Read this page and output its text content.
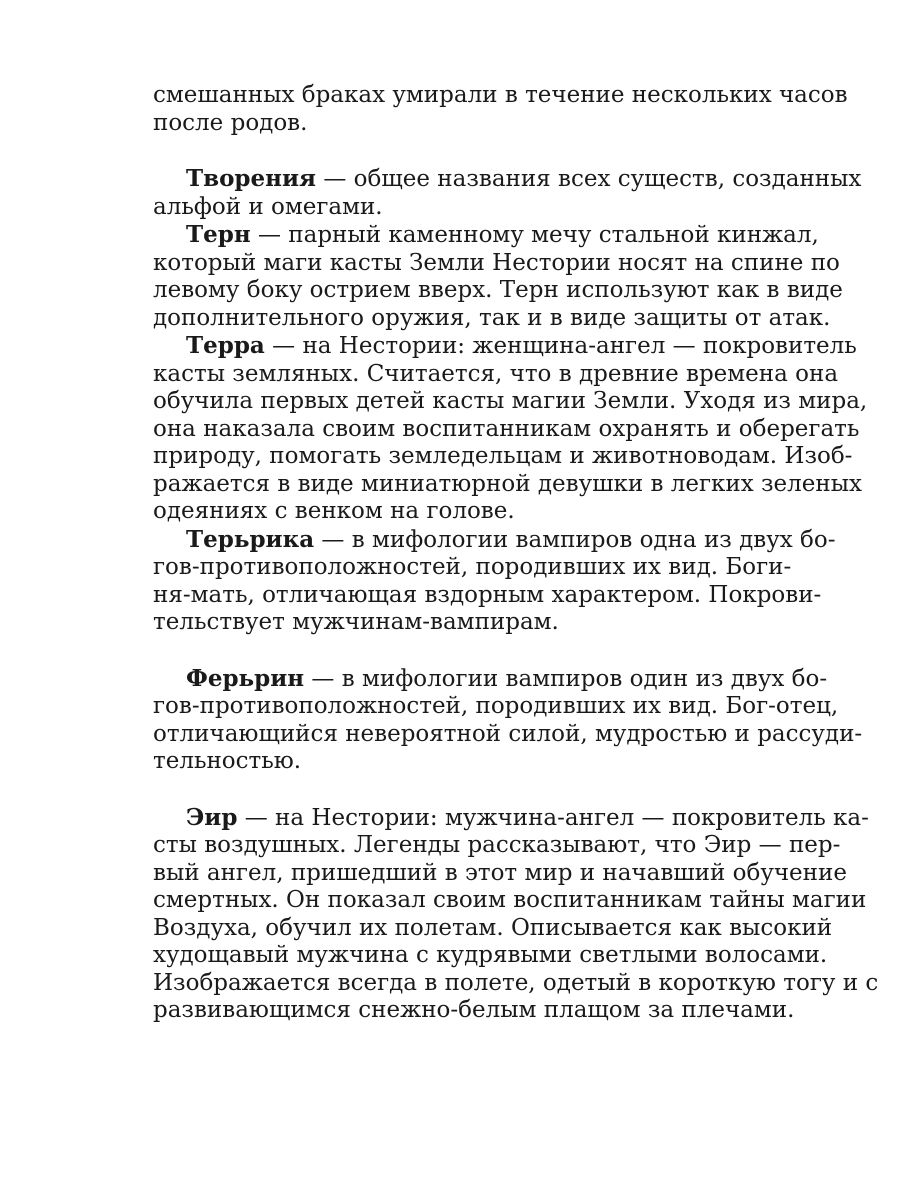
смешанных браках умирали в течение нескольких часов
после родов.
Творения — общее названия всех существ, созданных
альфой и омегами.
Терн — парный каменному мечу стальной кинжал,
который маги касты Земли Нестории носят на спине по
левому боку острием вверх. Терн используют как в виде
дополнительного оружия, так и в виде защиты от атак.
Терра — на Нестории: женщина-ангел — покровитель
касты земляных. Считается, что в древние времена она
обучила первых детей касты магии Земли. Уходя из мира,
она наказала своим воспитанникам охранять и оберегать
природу, помогать земледельцам и животноводам. Изоб-
ражается в виде миниатюрной девушки в легких зеленых
одеяниях с венком на голове.
Терьрика — в мифологии вампиров одна из двух бо-
гов-противоположностей, породивших их вид. Боги-
ня-мать, отличающая вздорным характером. Покрови-
тельствует мужчинам-вампирам.
Ферьрин — в мифологии вампиров один из двух бо-
гов-противоположностей, породивших их вид. Бог-отец,
отличающийся невероятной силой, мудростью и рассуди-
тельностью.
Эир — на Нестории: мужчина-ангел — покровитель ка-
сты воздушных. Легенды рассказывают, что Эир — пер-
вый ангел, пришедший в этот мир и начавший обучение
смертных. Он показал своим воспитанникам тайны магии
Воздуха, обучил их полетам. Описывается как высокий
худощавый мужчина с кудрявыми светлыми волосами.
Изображается всегда в полете, одетый в короткую тогу и с
развивающимся снежно-белым плащом за плечами.
